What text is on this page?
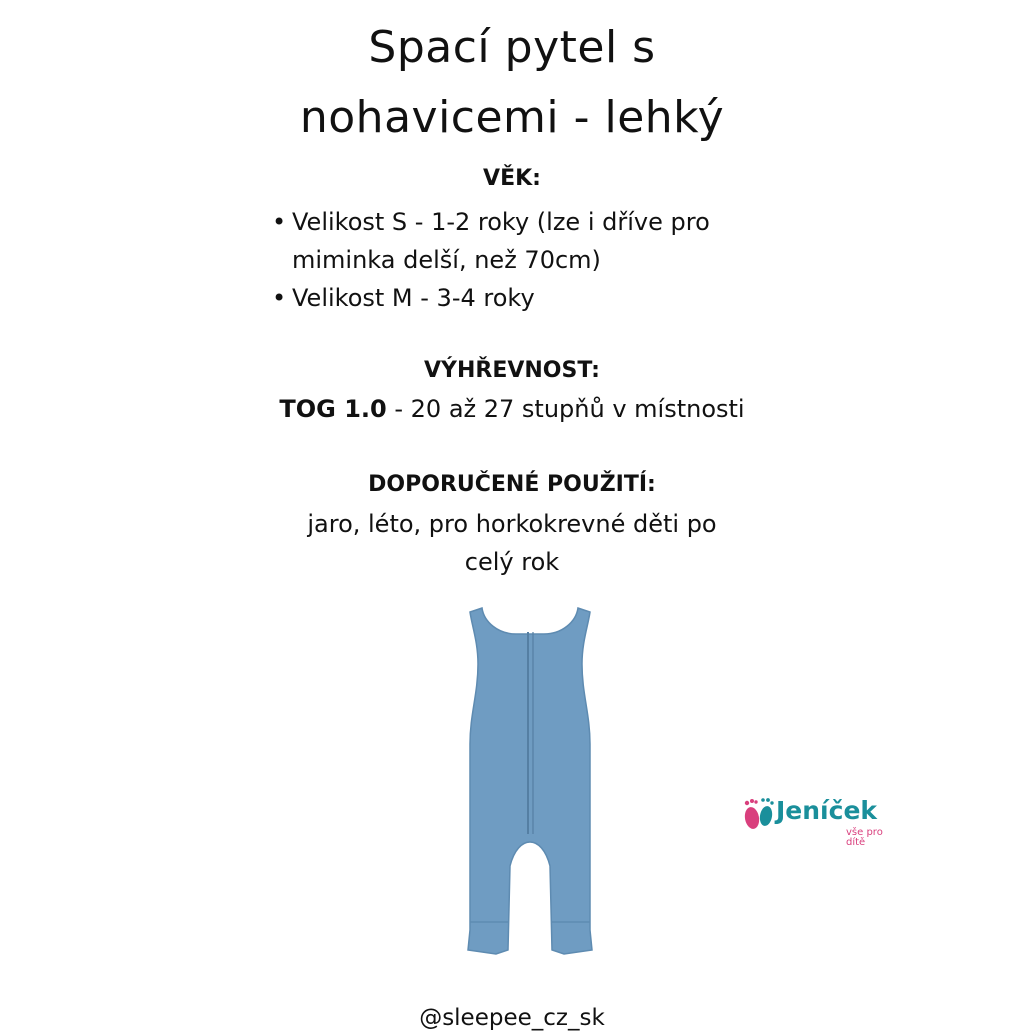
Spací pytel s
nohavicemi - lehký
VĚK:
• Velikost S - 1-2 roky (lze i dříve pro miminka delší, než 70cm)
• Velikost M - 3-4 roky
VÝHŘEVNOST:

TOG 1.0 - 20 až 27 stupňů v místnosti

DOPORUČENÉ POUŽITÍ:

jaro, léto, pro horkokrevné děti po

celý rok

Jeníček
vše pro dítě

@sleepee_cz_sk
